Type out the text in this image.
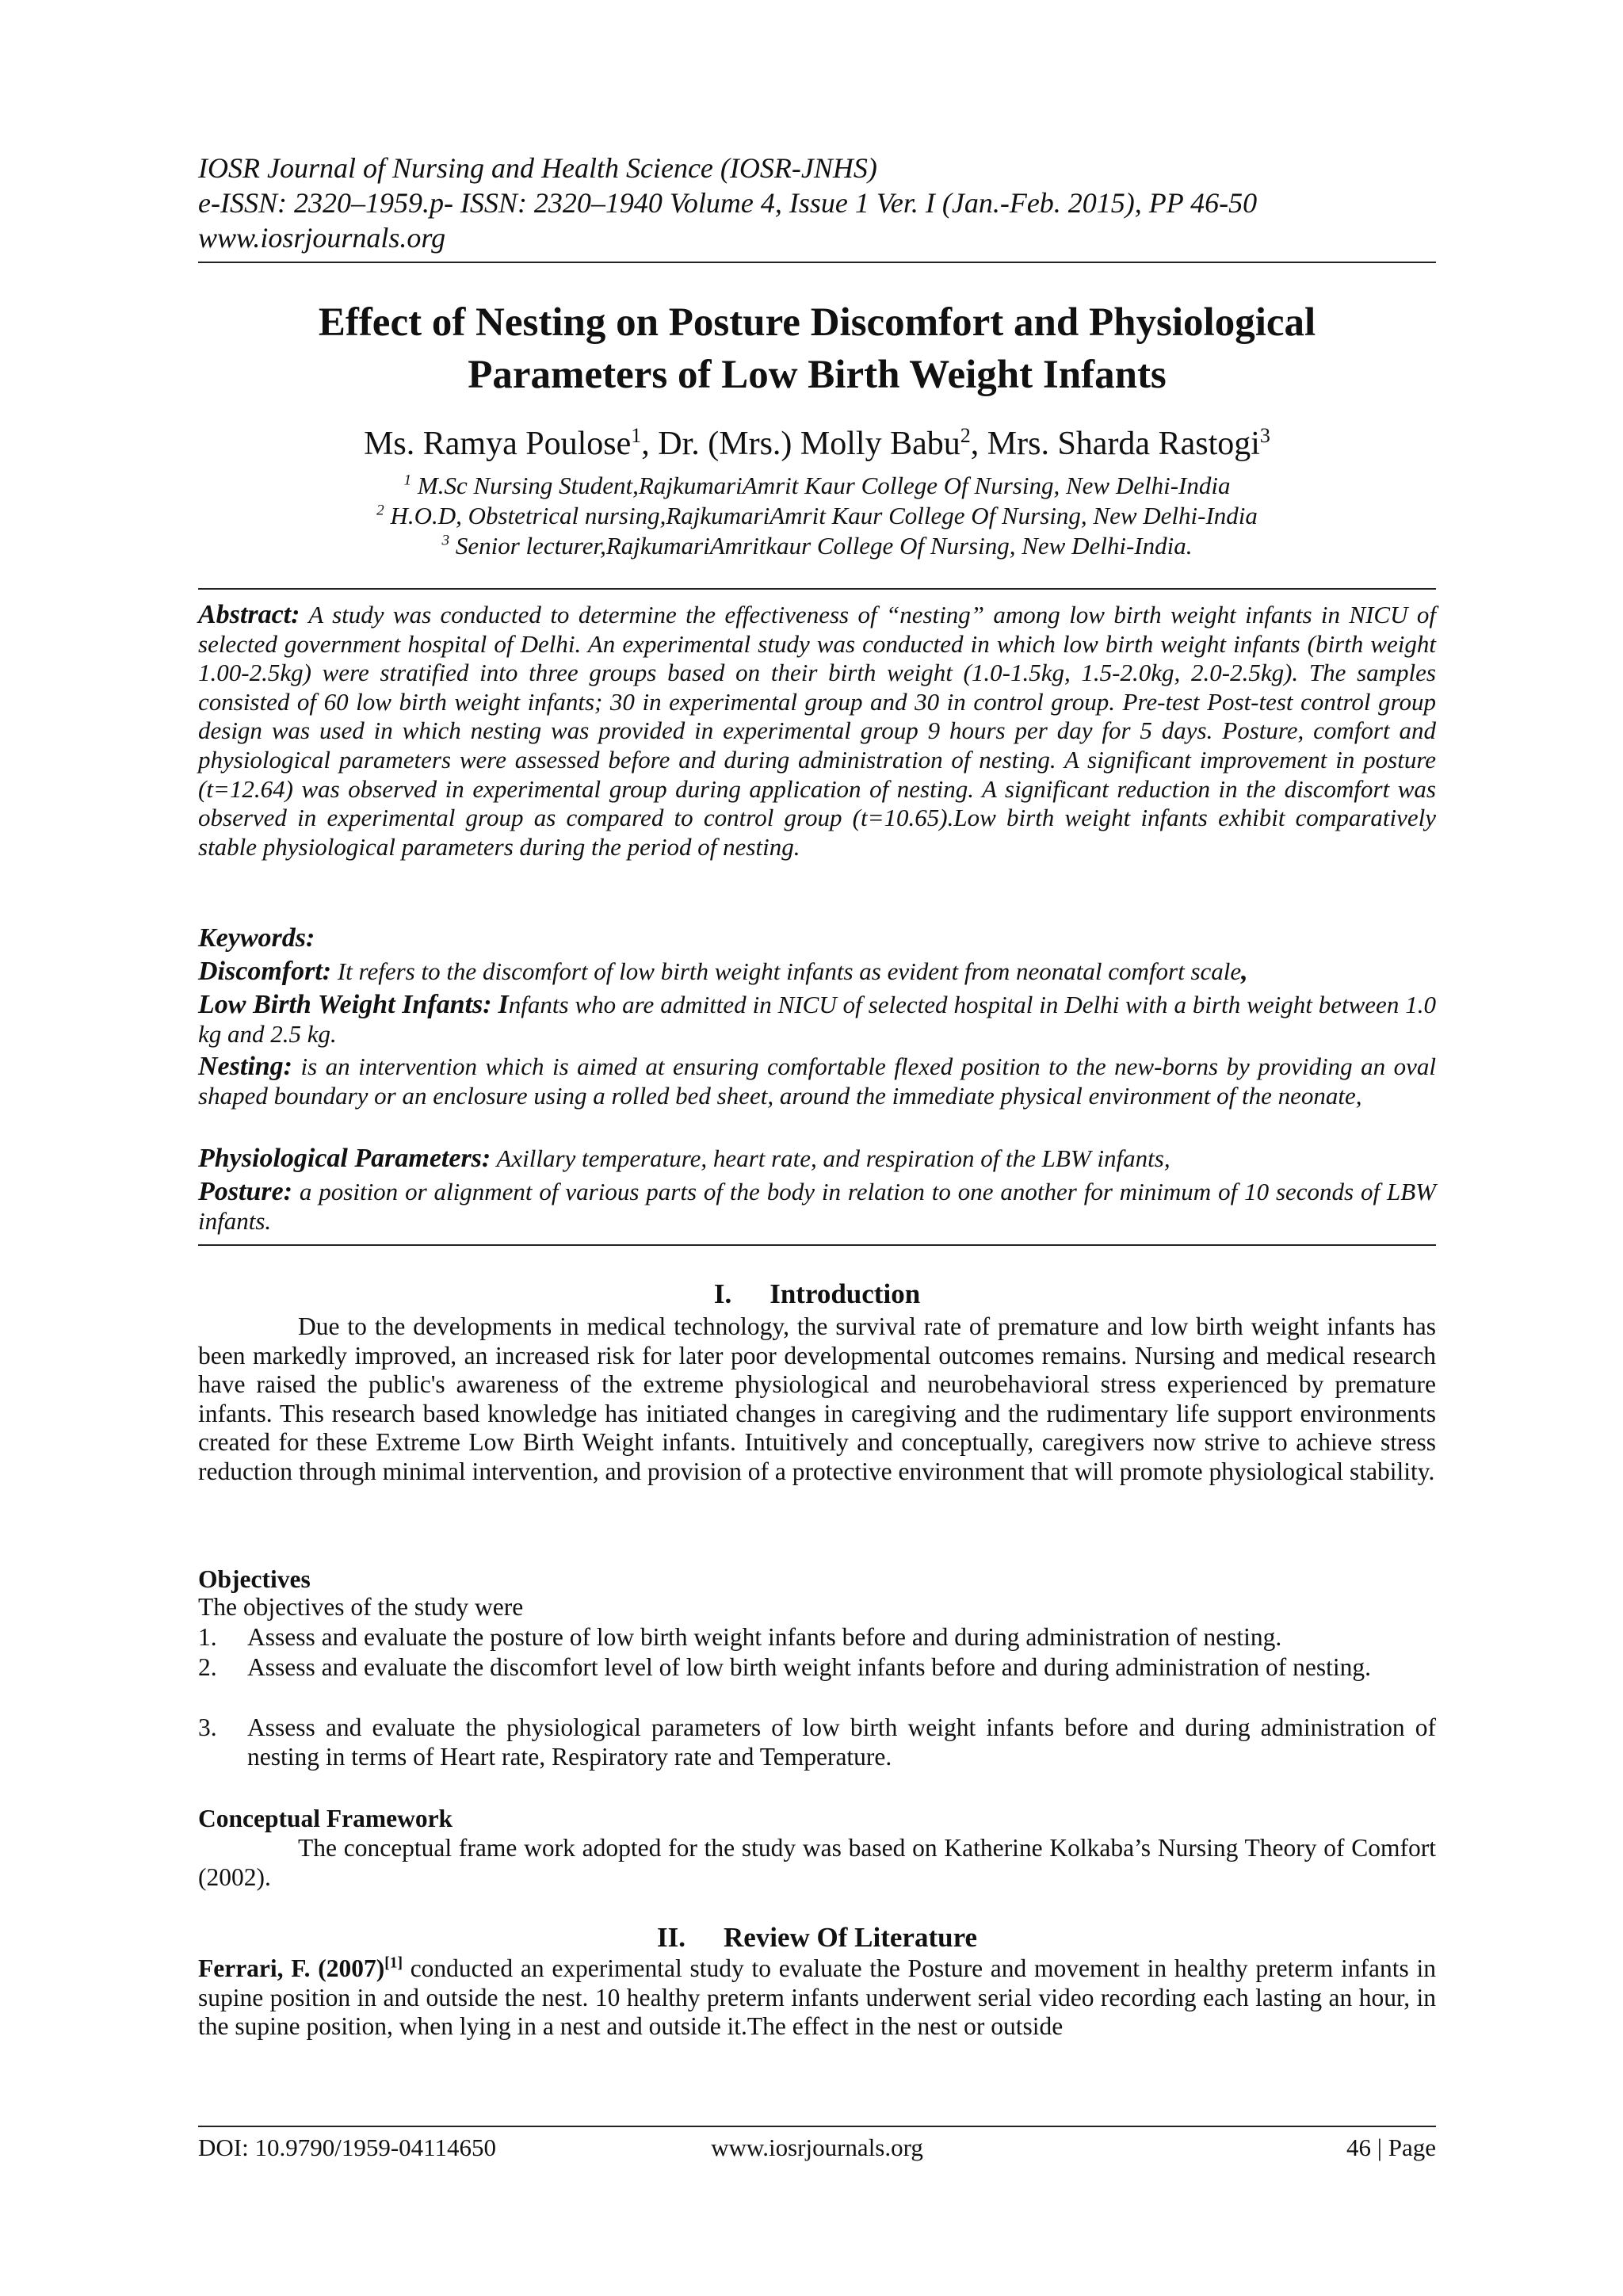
IOSR Journal of Nursing and Health Science (IOSR-JNHS)
e-ISSN: 2320–1959.p- ISSN: 2320–1940 Volume 4, Issue 1 Ver. I (Jan.-Feb. 2015), PP 46-50
www.iosrjournals.org
Effect of Nesting on Posture Discomfort and Physiological
Parameters of Low Birth Weight Infants
Ms. Ramya Poulose$^1$, Dr. (Mrs.) Molly Babu$^2$, Mrs. Sharda Rastogi$^3$
$^1$ M.Sc Nursing Student,RajkumariAmrit Kaur College Of Nursing, New Delhi-India
$^2$ H.O.D, Obstetrical nursing,RajkumariAmrit Kaur College Of Nursing, New Delhi-India
$^3$ Senior lecturer,RajkumariAmritkaur College Of Nursing, New Delhi-India.
Abstract: A study was conducted to determine the effectiveness of “nesting” among low birth weight infants in NICU of selected government hospital of Delhi. An experimental study was conducted in which low birth weight infants (birth weight 1.00-2.5kg) were stratified into three groups based on their birth weight (1.0-1.5kg, 1.5-2.0kg, 2.0-2.5kg). The samples consisted of 60 low birth weight infants; 30 in experimental group and 30 in control group. Pre-test Post-test control group design was used in which nesting was provided in experimental group 9 hours per day for 5 days. Posture, comfort and physiological parameters were assessed before and during administration of nesting. A significant improvement in posture (t=12.64) was observed in experimental group during application of nesting. A significant reduction in the discomfort was observed in experimental group as compared to control group (t=10.65).Low birth weight infants exhibit comparatively stable physiological parameters during the period of nesting.
Keywords:
Discomfort: It refers to the discomfort of low birth weight infants as evident from neonatal comfort scale,
Low Birth Weight Infants: Infants who are admitted in NICU of selected hospital in Delhi with a birth weight between 1.0 kg and 2.5 kg.
Nesting: is an intervention which is aimed at ensuring comfortable flexed position to the new-borns by providing an oval shaped boundary or an enclosure using a rolled bed sheet, around the immediate physical environment of the neonate,
Physiological Parameters: Axillary temperature, heart rate, and respiration of the LBW infants,
Posture: a position or alignment of various parts of the body in relation to one another for minimum of 10 seconds of LBW infants.
I. Introduction
Due to the developments in medical technology, the survival rate of premature and low birth weight infants has been markedly improved, an increased risk for later poor developmental outcomes remains. Nursing and medical research have raised the public's awareness of the extreme physiological and neurobehavioral stress experienced by premature infants. This research based knowledge has initiated changes in caregiving and the rudimentary life support environments created for these Extreme Low Birth Weight infants. Intuitively and conceptually, caregivers now strive to achieve stress reduction through minimal intervention, and provision of a protective environment that will promote physiological stability.
Objectives
The objectives of the study were
1. Assess and evaluate the posture of low birth weight infants before and during administration of nesting.
2. Assess and evaluate the discomfort level of low birth weight infants before and during administration of nesting.
3. Assess and evaluate the physiological parameters of low birth weight infants before and during administration of nesting in terms of Heart rate, Respiratory rate and Temperature.
Conceptual Framework
The conceptual frame work adopted for the study was based on Katherine Kolkaba’s Nursing Theory of Comfort (2002).
II. Review Of Literature
Ferrari, F. (2007)[1] conducted an experimental study to evaluate the Posture and movement in healthy preterm infants in supine position in and outside the nest. 10 healthy preterm infants underwent serial video recording each lasting an hour, in the supine position, when lying in a nest and outside it.The effect in the nest or outside
DOI: 10.9790/1959-04114650	www.iosrjournals.org	46 | Page
